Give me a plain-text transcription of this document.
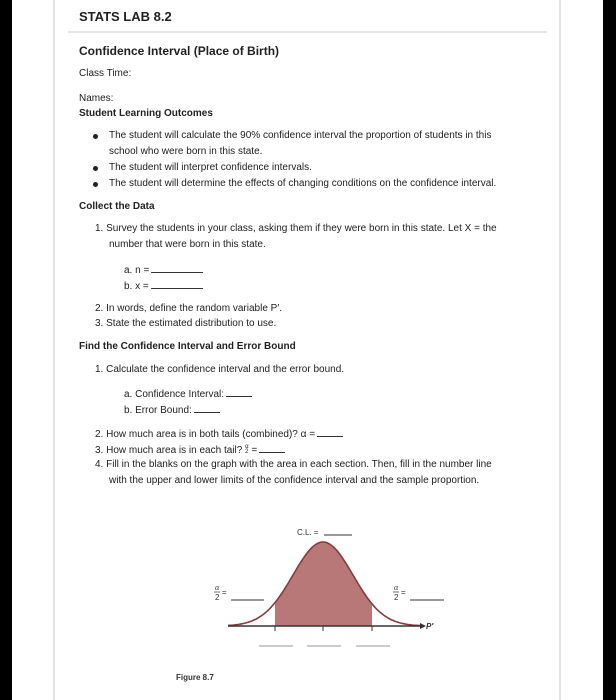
STATS LAB 8.2
Confidence Interval (Place of Birth)
Class Time:
Names:
Student Learning Outcomes
The student will calculate the 90% confidence interval the proportion of students in this
school who were born in this state.
The student will interpret confidence intervals.
The student will determine the effects of changing conditions on the confidence interval.
Collect the Data
1. Survey the students in your class, asking them if they were born in this state. Let X = the
number that were born in this state.
a. n =
b. x =
2. In words, define the random variable P′.
3. State the estimated distribution to use.
Find the Confidence Interval and Error Bound
1. Calculate the confidence interval and the error bound.
a. Confidence Interval:
b. Error Bound:
2. How much area is in both tails (combined)? α =
3. How much area is in each tail? α
2 =
4. Fill in the blanks on the graph with the area in each section. Then, fill in the number line
with the upper and lower limits of the confidence interval and the sample proportion.
C.L. =
α
2
=
α
2
=
P′
Figure 8.7
